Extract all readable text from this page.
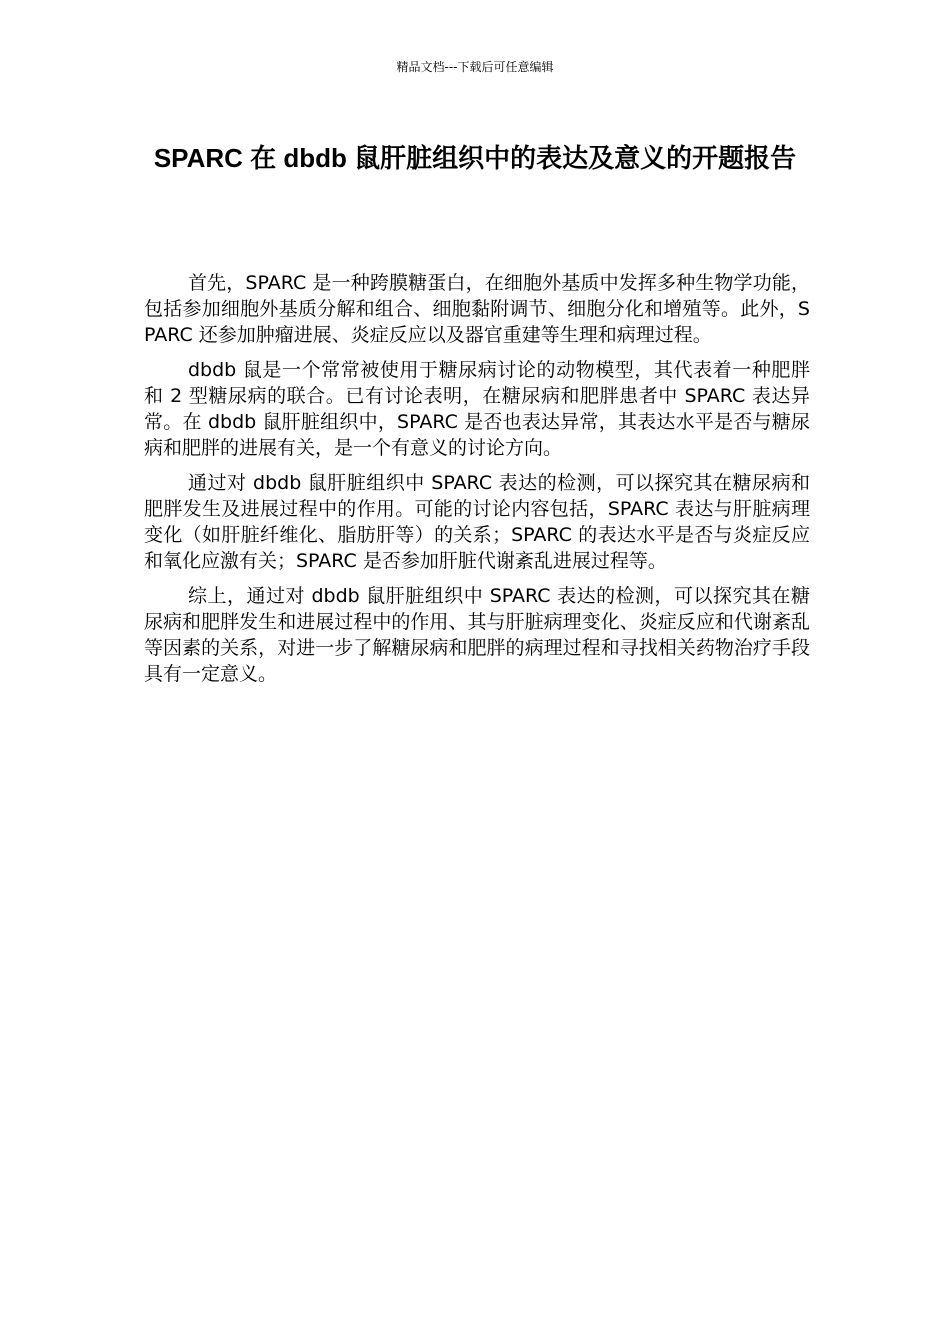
精品文档---下载后可任意编辑
SPARC 在 dbdb 鼠肝脏组织中的表达及意义的开题报告

首先，SPARC 是一种跨膜糖蛋白，在细胞外基质中发挥多种生物学功能，包括参加细胞外基质分解和组合、细胞黏附调节、细胞分化和增殖等。此外，SPARC 还参加肿瘤进展、炎症反应以及器官重建等生理和病理过程。

dbdb 鼠是一个常常被使用于糖尿病讨论的动物模型，其代表着一种肥胖和 2 型糖尿病的联合。已有讨论表明，在糖尿病和肥胖患者中 SPARC 表达异常。在 dbdb 鼠肝脏组织中，SPARC 是否也表达异常，其表达水平是否与糖尿病和肥胖的进展有关，是一个有意义的讨论方向。

通过对 dbdb 鼠肝脏组织中 SPARC 表达的检测，可以探究其在糖尿病和肥胖发生及进展过程中的作用。可能的讨论内容包括，SPARC 表达与肝脏病理变化（如肝脏纤维化、脂肪肝等）的关系；SPARC 的表达水平是否与炎症反应和氧化应激有关；SPARC 是否参加肝脏代谢紊乱进展过程等。

综上，通过对 dbdb 鼠肝脏组织中 SPARC 表达的检测，可以探究其在糖尿病和肥胖发生和进展过程中的作用、其与肝脏病理变化、炎症反应和代谢紊乱等因素的关系，对进一步了解糖尿病和肥胖的病理过程和寻找相关药物治疗手段具有一定意义。
